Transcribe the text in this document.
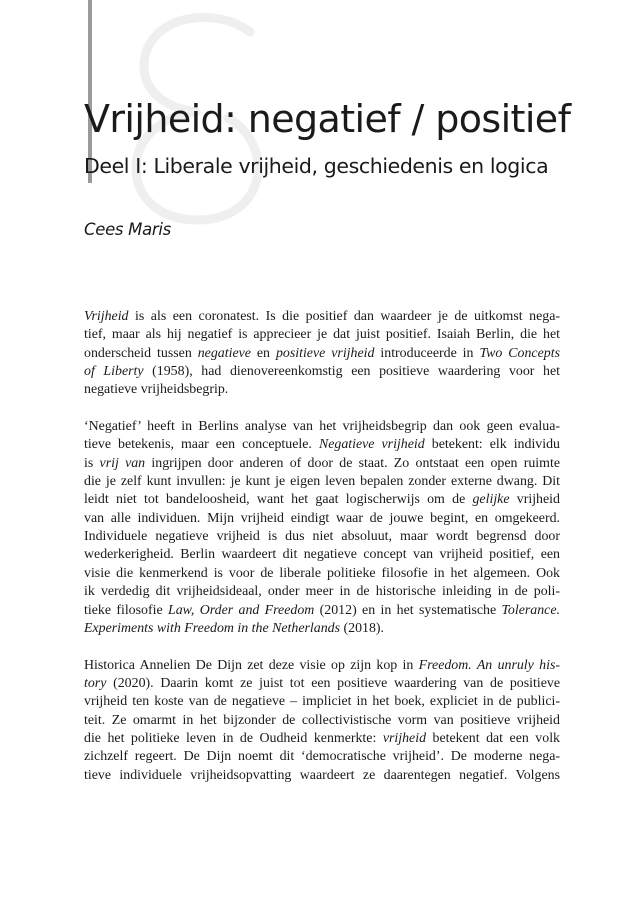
Vrijheid: negatief / positief
Deel I: Liberale vrijheid, geschiedenis en logica

Cees Maris

Vrijheid is als een coronatest. Is die positief dan waardeer je de uitkomst nega-
tief, maar als hij negatief is apprecieer je dat juist positief. Isaiah Berlin, die het
onderscheid tussen negatieve en positieve vrijheid introduceerde in Two Concepts
of Liberty (1958), had dienovereenkomstig een positieve waardering voor het
negatieve vrijheidsbegrip.

‘Negatief’ heeft in Berlins analyse van het vrijheidsbegrip dan ook geen evalua-
tieve betekenis, maar een conceptuele. Negatieve vrijheid betekent: elk individu
is vrij van ingrijpen door anderen of door de staat. Zo ontstaat een open ruimte
die je zelf kunt invullen: je kunt je eigen leven bepalen zonder externe dwang. Dit
leidt niet tot bandeloosheid, want het gaat logischerwijs om de gelijke vrijheid
van alle individuen. Mijn vrijheid eindigt waar de jouwe begint, en omgekeerd.
Individuele negatieve vrijheid is dus niet absoluut, maar wordt begrensd door
wederkerigheid. Berlin waardeert dit negatieve concept van vrijheid positief, een
visie die kenmerkend is voor de liberale politieke filosofie in het algemeen. Ook
ik verdedig dit vrijheidsideaal, onder meer in de historische inleiding in de poli-
tieke filosofie Law, Order and Freedom (2012) en in het systematische Tolerance.
Experiments with Freedom in the Netherlands (2018).

Historica Annelien De Dijn zet deze visie op zijn kop in Freedom. An unruly his-
tory (2020). Daarin komt ze juist tot een positieve waardering van de positieve
vrijheid ten koste van de negatieve – impliciet in het boek, expliciet in de publici-
teit. Ze omarmt in het bijzonder de collectivistische vorm van positieve vrijheid
die het politieke leven in de Oudheid kenmerkte: vrijheid betekent dat een volk
zichzelf regeert. De Dijn noemt dit ‘democratische vrijheid’. De moderne nega-
tieve individuele vrijheidsopvatting waardeert ze daarentegen negatief. Volgens
